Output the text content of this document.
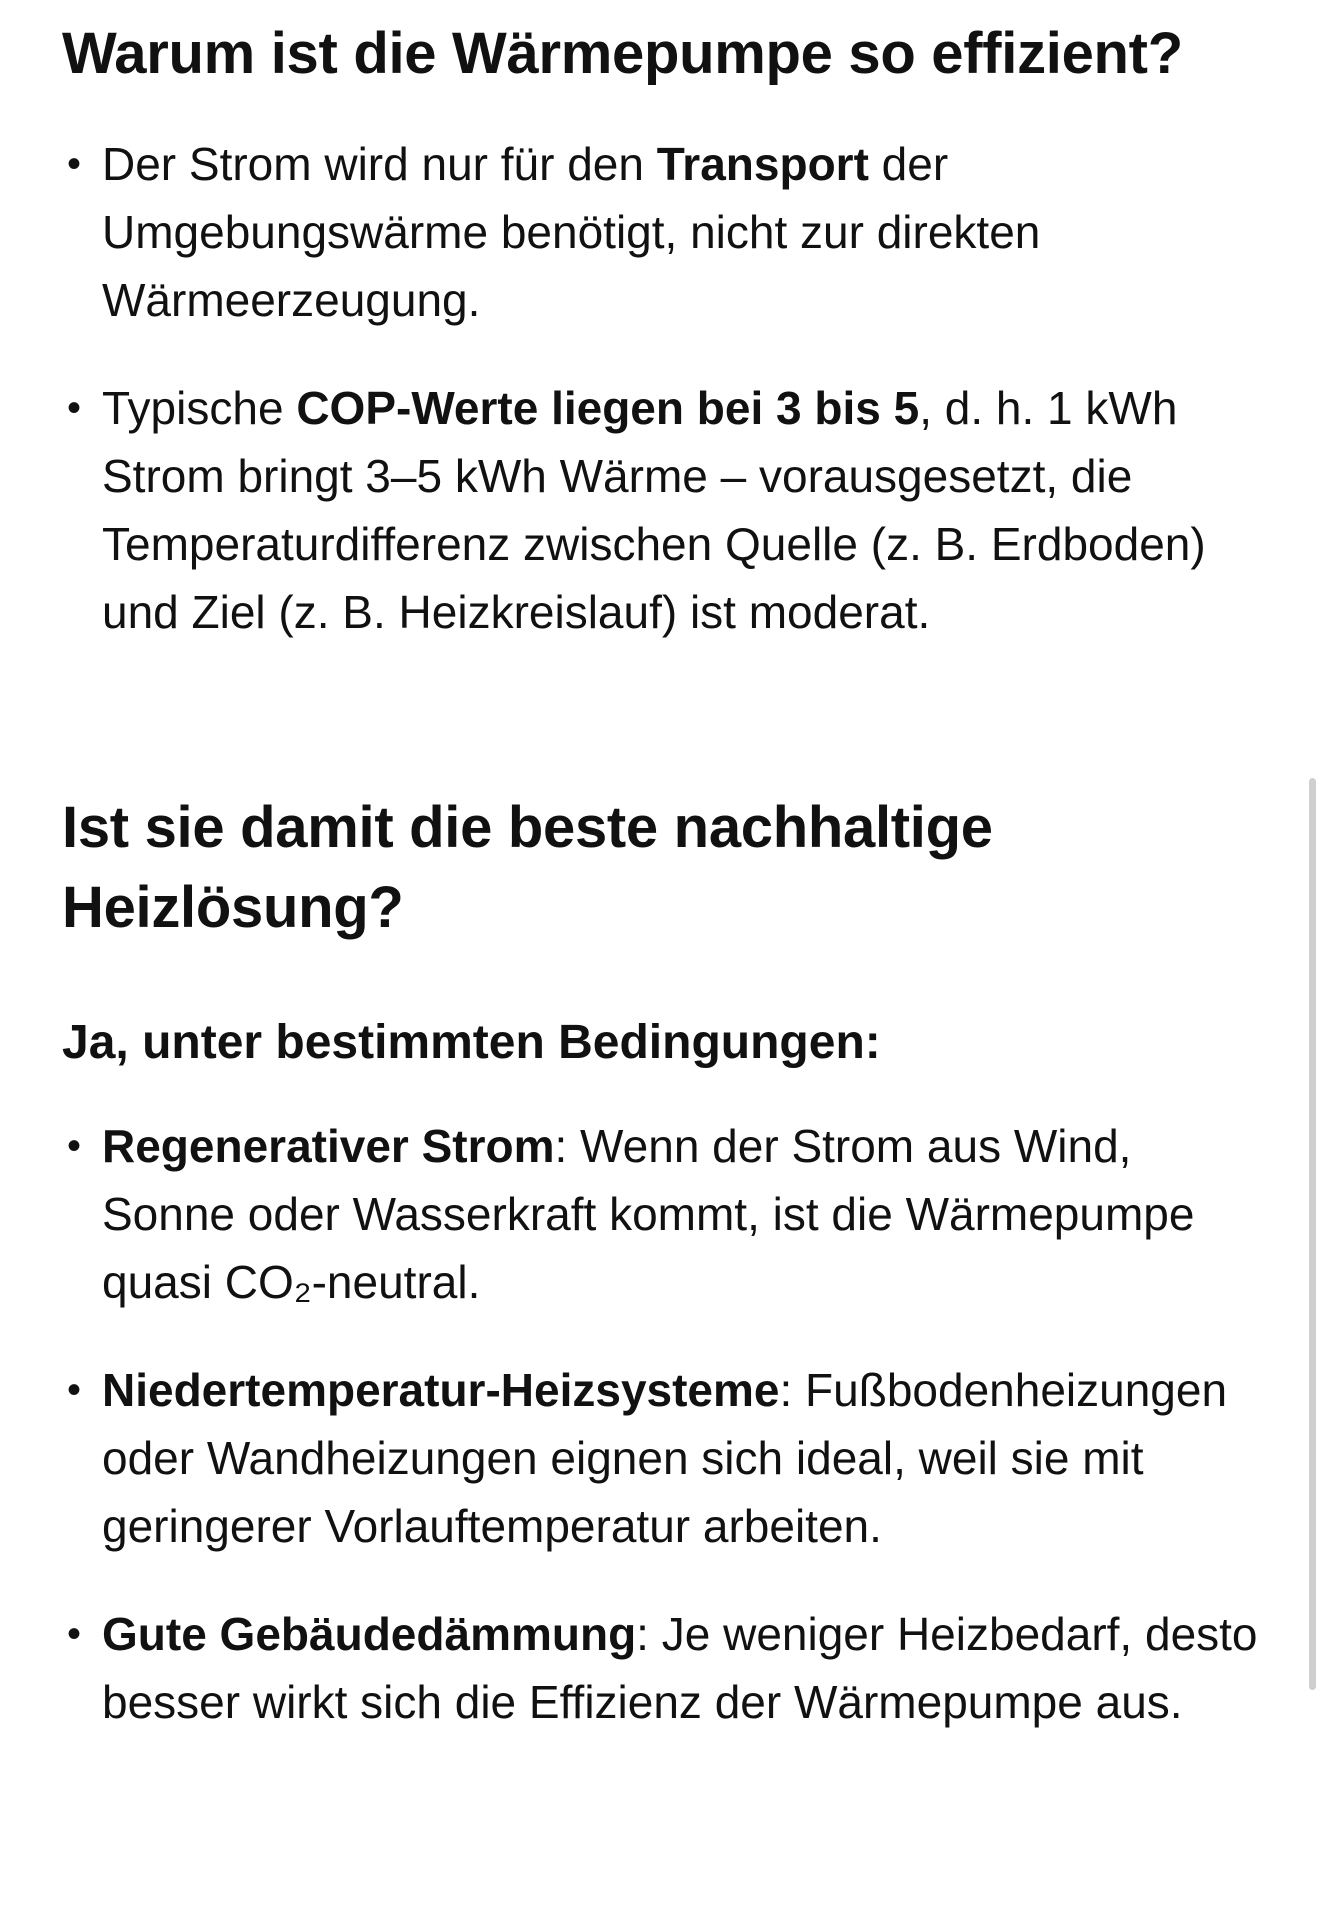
Warum ist die Wärmepumpe so effizient?
• Der Strom wird nur für den Transport der Umgebungswärme benötigt, nicht zur direkten Wärmeerzeugung.
• Typische COP-Werte liegen bei 3 bis 5, d. h. 1 kWh Strom bringt 3–5 kWh Wärme – vorausgesetzt, die Temperaturdifferenz zwischen Quelle (z. B. Erdboden) und Ziel (z. B. Heizkreislauf) ist moderat.
Ist sie damit die beste nachhaltige Heizlösung?
Ja, unter bestimmten Bedingungen:
• Regenerativer Strom: Wenn der Strom aus Wind, Sonne oder Wasserkraft kommt, ist die Wärmepumpe quasi CO₂-neutral.
• Niedertemperatur-Heizsysteme: Fußbodenheizungen oder Wandheizungen eignen sich ideal, weil sie mit geringerer Vorlauftemperatur arbeiten.
• Gute Gebäudedämmung: Je weniger Heizbedarf, desto besser wirkt sich die Effizienz der Wärmepumpe aus.
